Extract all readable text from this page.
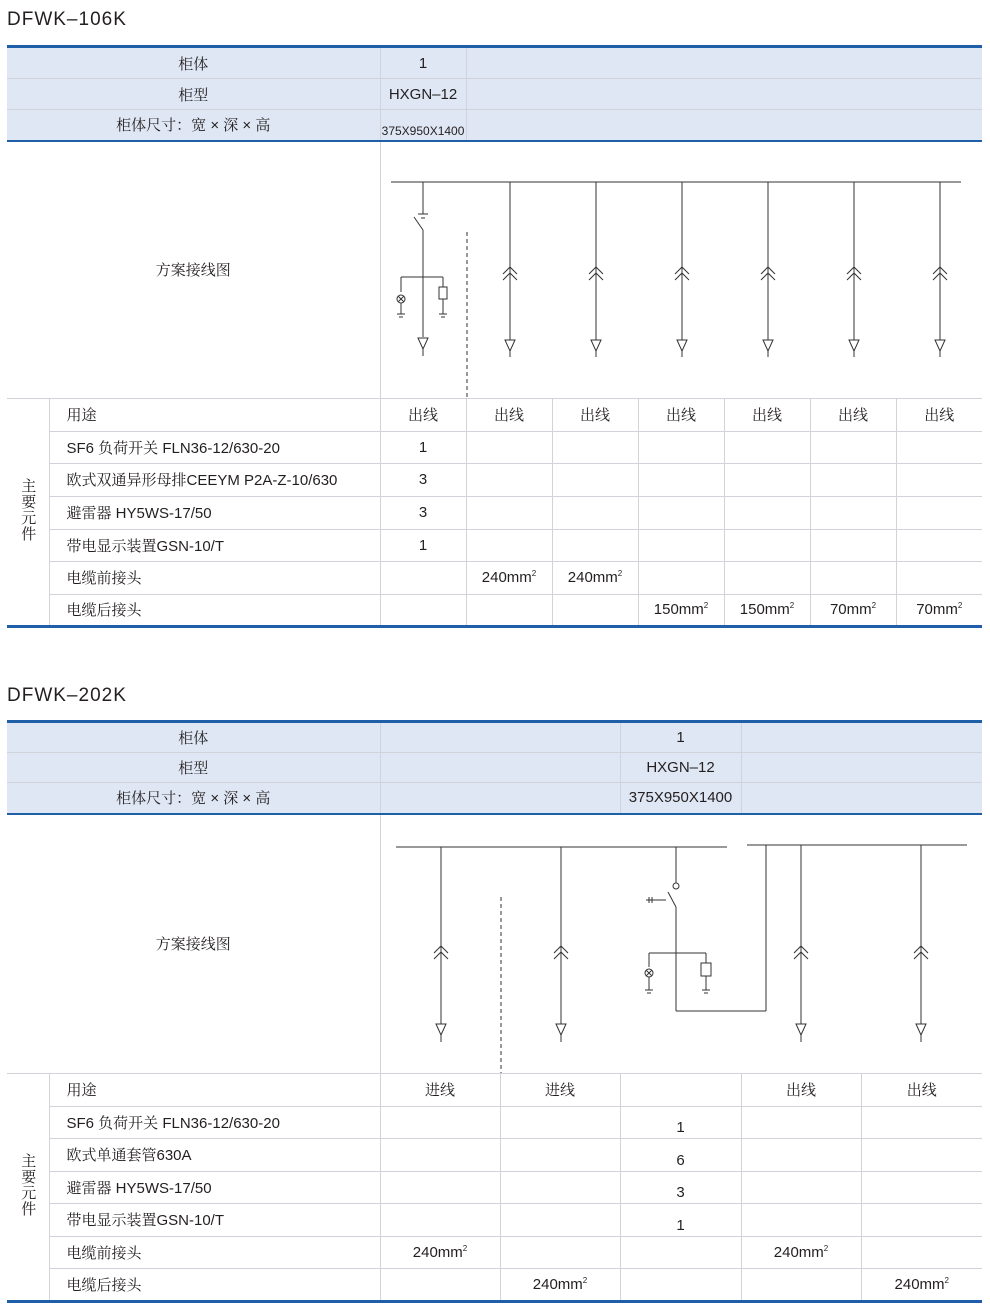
DFWK–106K
柜体		1						
柜型		HXGN–12						
柜体尺寸：宽 × 深 × 高		375X950X1400						
方案接线图	

主要元件	用途	出线	出线	出线	出线	出线	出线	出线
	SF6 负荷开关 FLN36-12/630-20	1						
	欧式双通异形母排CEEYM P2A-Z-10/630	3						
	避雷器 HY5WS-17/50	3						
	带电显示装置GSN-10/T	1						
	电缆前接头		$240mm^2$	$240mm^2$				
	电缆后接头				$150mm^2$	$150mm^2$	$70mm^2$	$70mm^2$
DFWK–202K
柜体				1		
柜型				HXGN–12		
柜体尺寸：宽 × 深 × 高				375X950X1400		
方案接线图	

主要元件	用途	进线	进线		出线	出线
	SF6 负荷开关 FLN36-12/630-20			1		
	欧式单通套管630A			6		
	避雷器 HY5WS-17/50			3		
	带电显示装置GSN-10/T			1		
	电缆前接头	$240mm^2$			$240mm^2$	
	电缆后接头		$240mm^2$			$240mm^2$
